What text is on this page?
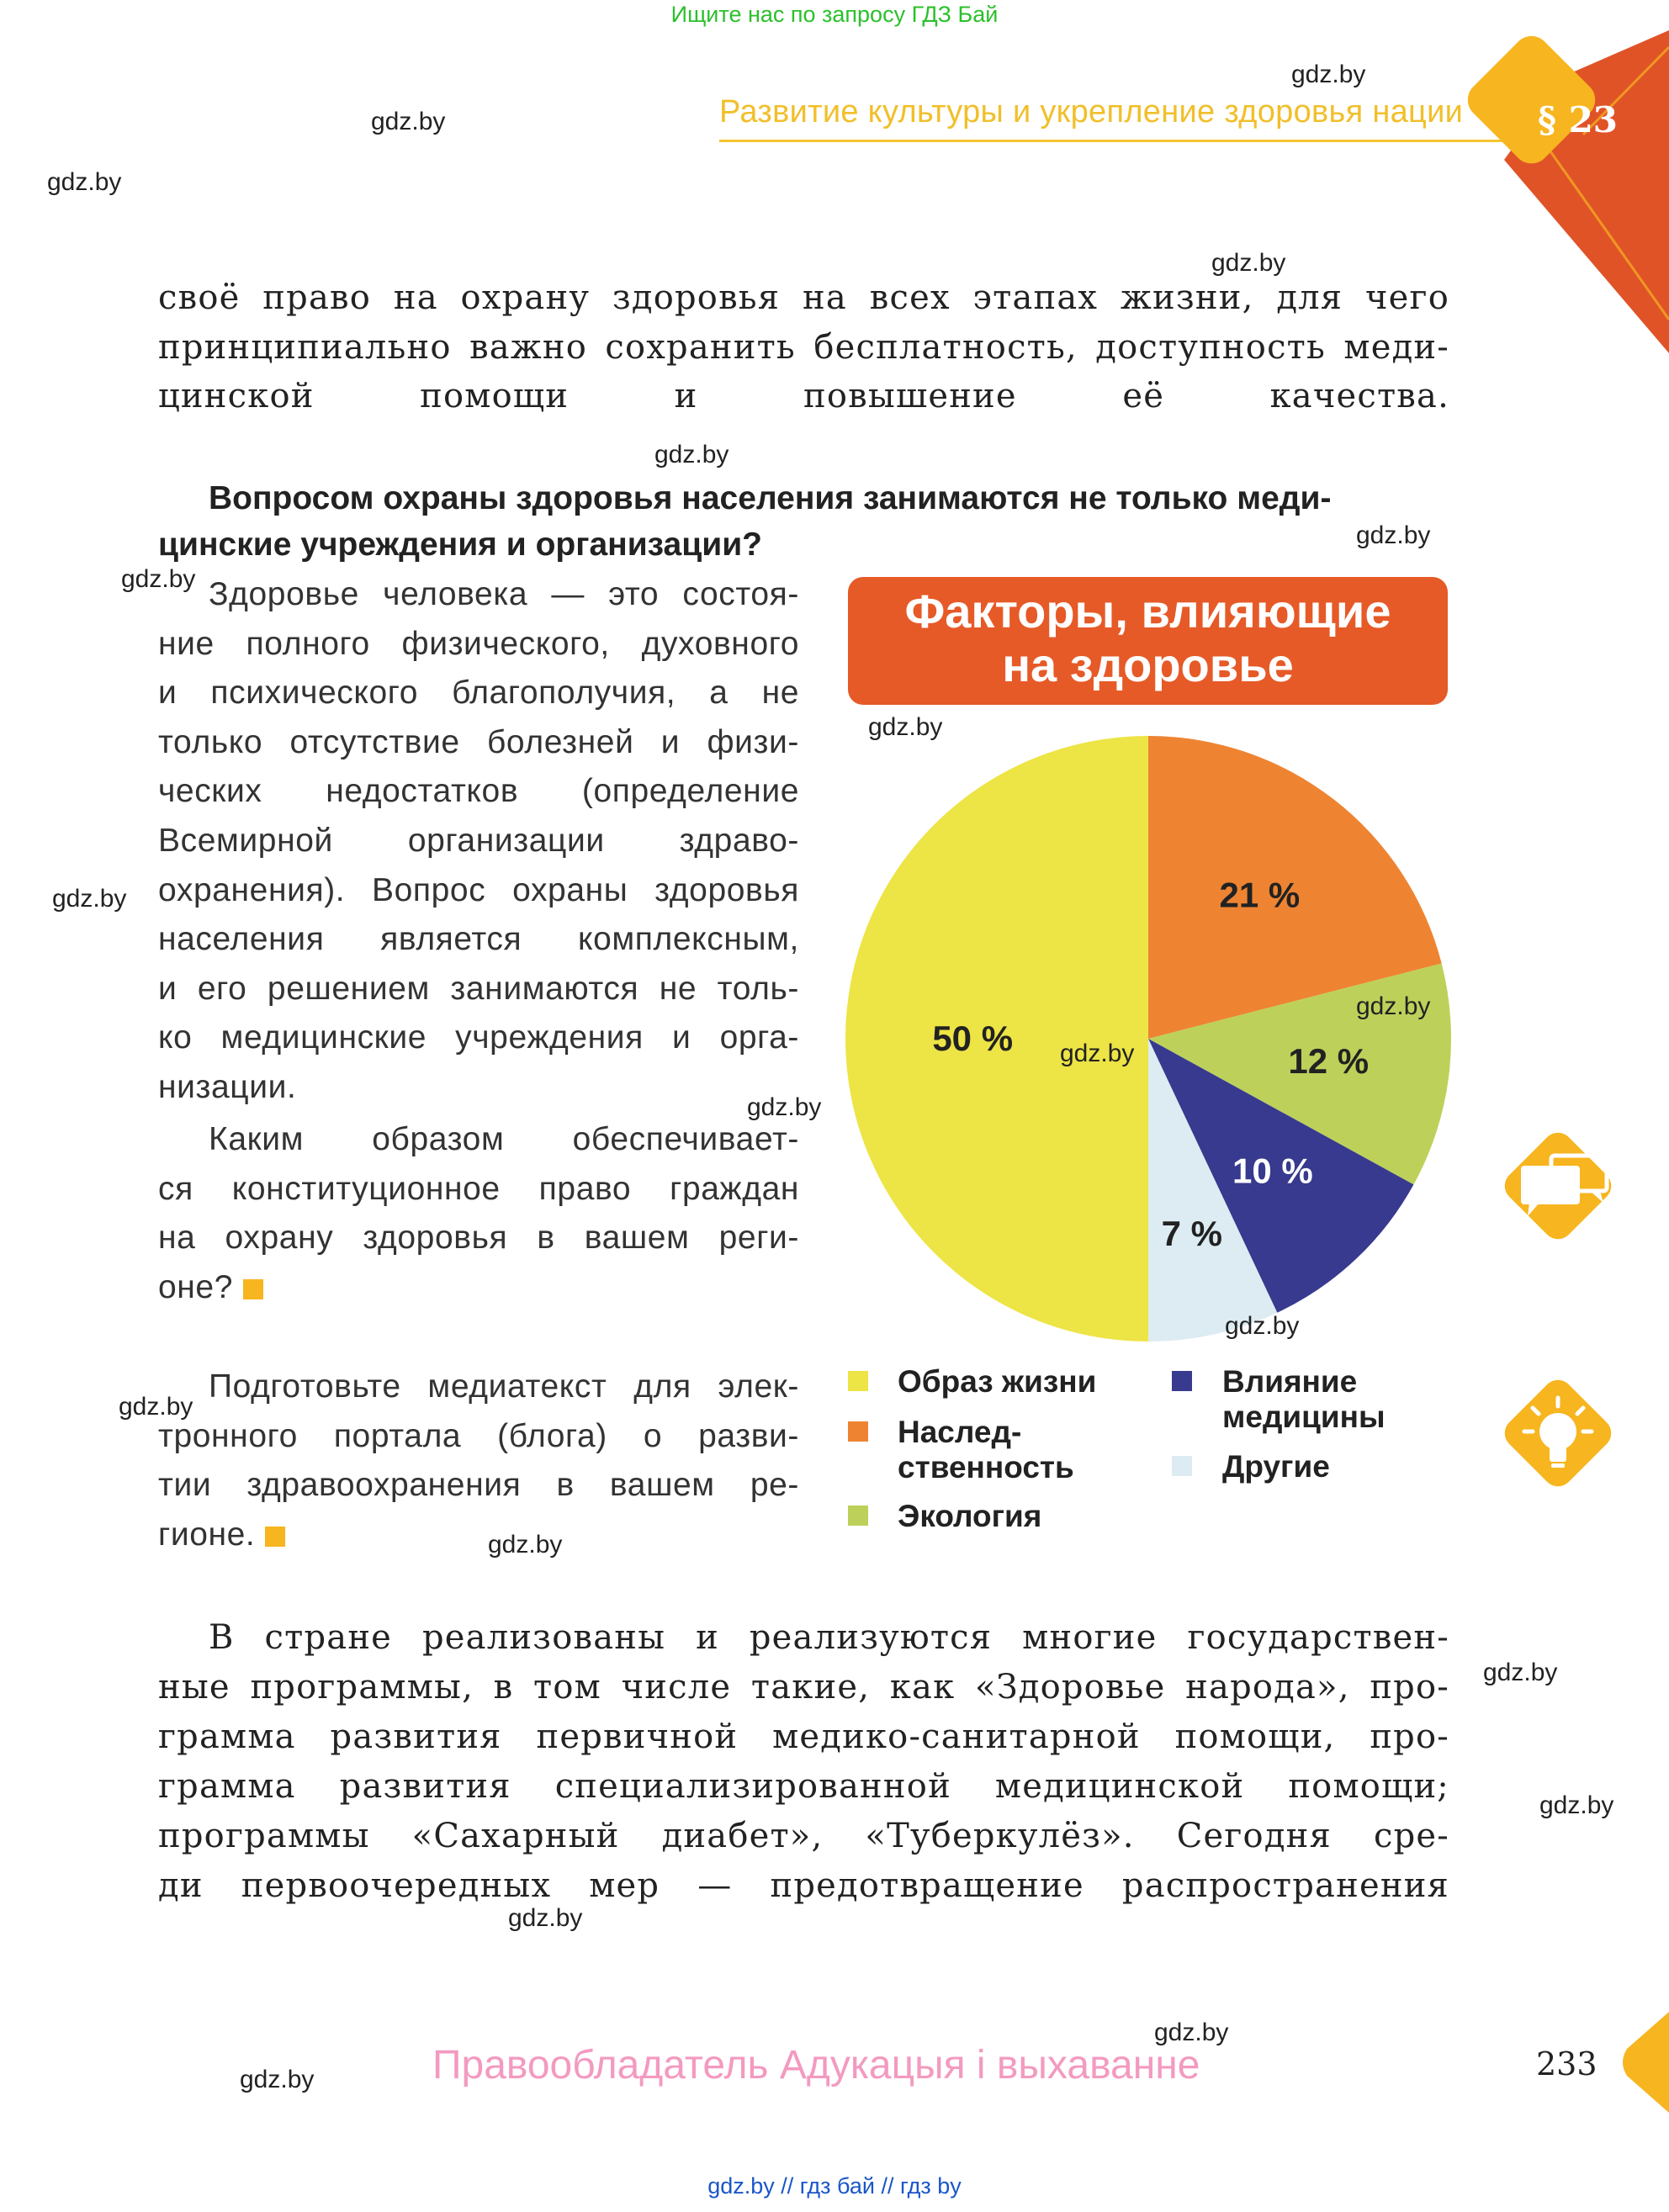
Ищите нас по запросу ГДЗ Бай
Развитие культуры и укрепление здоровья нации § 23
своё право на охрану здоровья на всех этапах жизни, для чего принципиально важно сохранить бесплатность, доступность меди-цинской помощи и повышение её качества.
Вопросом охраны здоровья населения занимаются не только меди-
цинские учреждения и организации?
Здоровье человека — это состоя-
ние полного физического, духовного
и психического благополучия, а не
только отсутствие болезней и физи-
ческих недостатков (определение
Всемирной организации здраво-
охранения). Вопрос охраны здоровья
населения является комплексным,
и его решением занимаются не толь-
ко медицинские учреждения и орга-
низации.
Каким образом обеспечивает-
ся конституционное право граждан
на охрану здоровья в вашем реги-
оне?
Подготовьте медиатекст для элек-
тронного портала (блога) о разви-
тии здравоохранения в вашем ре-
гионе.
Факторы, влияющие
на здоровье
21 %
12 %
10 %
7 %
50 %
Образ жизни
Наслед-
ственность
Экология
Влияние
медицины
Другие
В стране реализованы и реализуются многие государствен-
ные программы, в том числе такие, как «Здоровье народа», про-
грамма развития первичной медико-санитарной помощи, про-
грамма развития специализированной медицинской помощи;
программы «Сахарный диабет», «Туберкулёз». Сегодня сре-
ди первоочередных мер — предотвращение распространения
gdz.by
gdz.by
gdz.by
gdz.by
gdz.by
gdz.by
gdz.by
gdz.by
gdz.by
gdz.by
gdz.by
gdz.by
gdz.by
gdz.by
gdz.by
gdz.by
gdz.by
gdz.by
gdz.by
gdz.by	Правообладатель Адукацыя і выхаванне	233
gdz.by // гдз бай // гдз by
